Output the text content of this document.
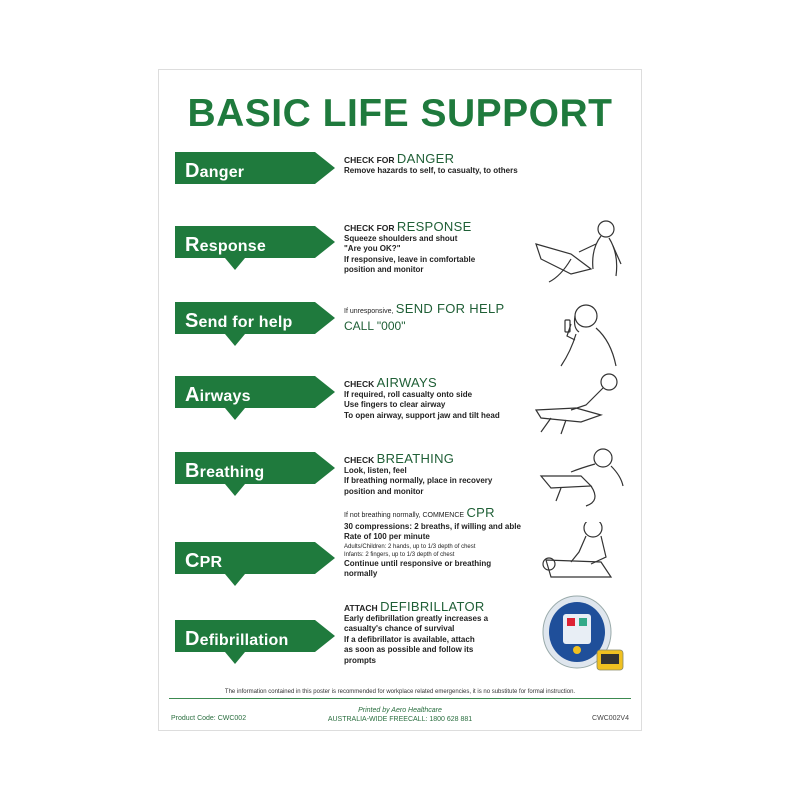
BASIC LIFE SUPPORT
Danger
CHECK FOR DANGER
Remove hazards to self, to casualty, to others
Response
CHECK FOR RESPONSE
Squeeze shoulders and shout
"Are you OK?"
If responsive, leave in comfortable
position and monitor
Send for help
If unresponsive, SEND FOR HELP
CALL "000"
Airways
CHECK AIRWAYS
If required, roll casualty onto side
Use fingers to clear airway
To open airway, support jaw and tilt head
Breathing
CHECK BREATHING
Look, listen, feel
If breathing normally, place in recovery
position and monitor
CPR
If not breathing normally, COMMENCE CPR
30 compressions: 2 breaths, if willing and able
Rate of 100 per minute
Adults/Children: 2 hands, up to 1/3 depth of chest
Infants: 2 fingers, up to 1/3 depth of chest
Continue until responsive or breathing
normally
Defibrillation
ATTACH DEFIBRILLATOR
Early defibrillation greatly increases a
casualty's chance of survival
If a defibrillator is available, attach
as soon as possible and follow its
prompts
The information contained in this poster is recommended for workplace related emergencies, it is no substitute for formal instruction.
Product Code: CWC002
Printed by Aero Healthcare
AUSTRALIA-WIDE FREECALL: 1800 628 881	CWC002V4
